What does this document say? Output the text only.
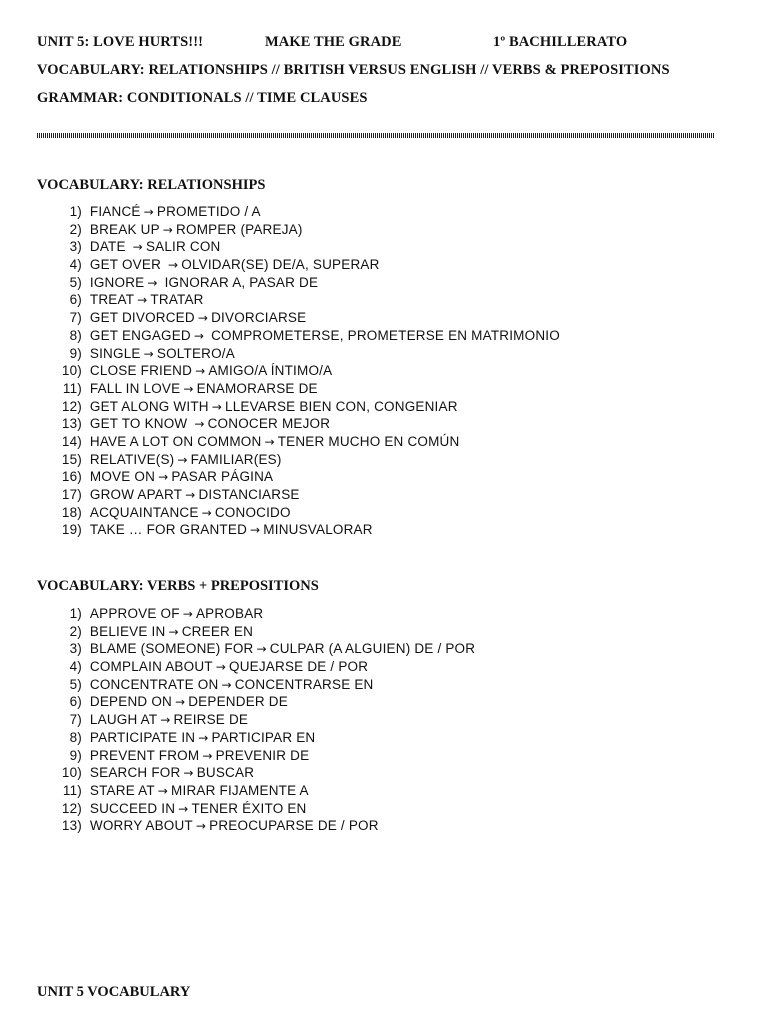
UNIT 5: LOVE HURTS!!!	MAKE THE GRADE	1º BACHILLERATO
VOCABULARY: RELATIONSHIPS // BRITISH VERSUS ENGLISH // VERBS & PREPOSITIONS
GRAMMAR: CONDITIONALS // TIME CLAUSES
VOCABULARY: RELATIONSHIPS
1) FIANCÉ → PROMETIDO / A
2) BREAK UP → ROMPER (PAREJA)
3) DATE → SALIR CON
4) GET OVER → OLVIDAR(SE) DE/A, SUPERAR
5) IGNORE → IGNORAR A, PASAR DE
6) TREAT → TRATAR
7) GET DIVORCED → DIVORCIARSE
8) GET ENGAGED → COMPROMETERSE, PROMETERSE EN MATRIMONIO
9) SINGLE → SOLTERO/A
10) CLOSE FRIEND → AMIGO/A ÍNTIMO/A
11) FALL IN LOVE → ENAMORARSE DE
12) GET ALONG WITH → LLEVARSE BIEN CON, CONGENIAR
13) GET TO KNOW → CONOCER MEJOR
14) HAVE A LOT ON COMMON → TENER MUCHO EN COMÚN
15) RELATIVE(S) → FAMILIAR(ES)
16) MOVE ON → PASAR PÁGINA
17) GROW APART → DISTANCIARSE
18) ACQUAINTANCE → CONOCIDO
19) TAKE … FOR GRANTED → MINUSVALORAR
VOCABULARY: VERBS + PREPOSITIONS
1) APPROVE OF → APROBAR
2) BELIEVE IN → CREER EN
3) BLAME (SOMEONE) FOR → CULPAR (A ALGUIEN) DE / POR
4) COMPLAIN ABOUT → QUEJARSE DE / POR
5) CONCENTRATE ON → CONCENTRARSE EN
6) DEPEND ON → DEPENDER DE
7) LAUGH AT → REIRSE DE
8) PARTICIPATE IN → PARTICIPAR EN
9) PREVENT FROM → PREVENIR DE
10) SEARCH FOR → BUSCAR
11) STARE AT → MIRAR FIJAMENTE A
12) SUCCEED IN → TENER ÉXITO EN
13) WORRY ABOUT → PREOCUPARSE DE / POR
UNIT 5 VOCABULARY
